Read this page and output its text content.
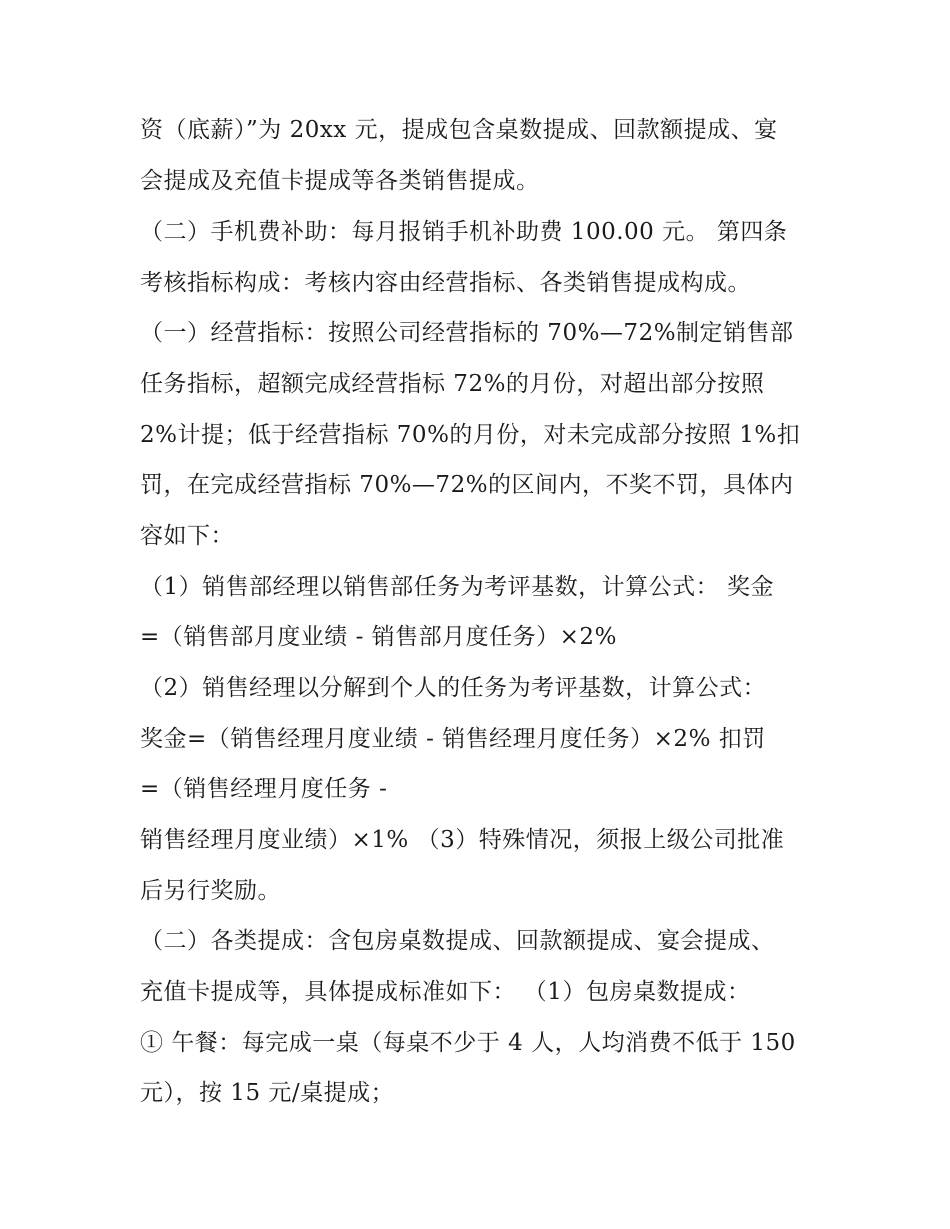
资（底薪）”为 20xx 元，提成包含桌数提成、回款额提成、宴
会提成及充值卡提成等各类销售提成。
（二）手机费补助：每月报销手机补助费 100.00 元。 第四条
考核指标构成：考核内容由经营指标、各类销售提成构成。
（一）经营指标：按照公司经营指标的 70%—72%制定销售部
任务指标，超额完成经营指标 72%的月份，对超出部分按照
2%计提；低于经营指标 70%的月份，对未完成部分按照 1%扣
罚，在完成经营指标 70%—72%的区间内，不奖不罚，具体内
容如下：
（1）销售部经理以销售部任务为考评基数，计算公式： 奖金
=（销售部月度业绩 - 销售部月度任务）×2%
（2）销售经理以分解到个人的任务为考评基数，计算公式：
奖金=（销售经理月度业绩 - 销售经理月度任务）×2% 扣罚
=（销售经理月度任务 -
销售经理月度业绩）×1% （3）特殊情况，须报上级公司批准
后另行奖励。
（二）各类提成：含包房桌数提成、回款额提成、宴会提成、
充值卡提成等，具体提成标准如下： （1）包房桌数提成：
① 午餐：每完成一桌（每桌不少于 4 人，人均消费不低于 150
元），按 15 元/桌提成；
